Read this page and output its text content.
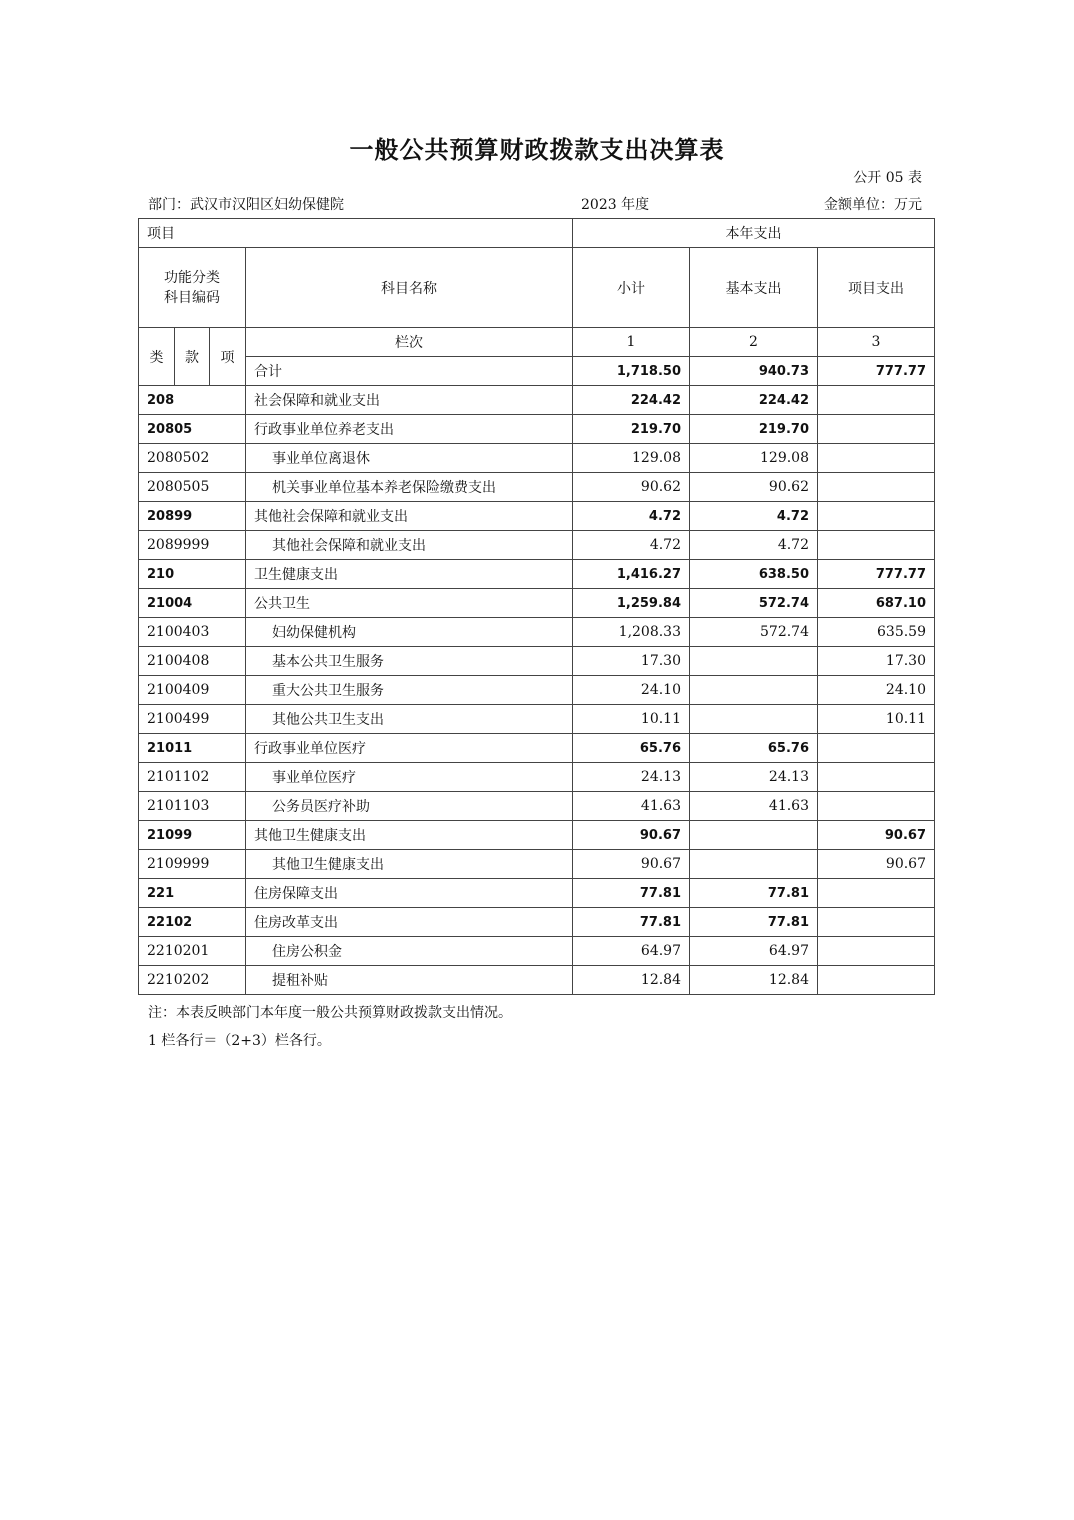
一般公共预算财政拨款支出决算表
公开 05 表
部门：武汉市汉阳区妇幼保健院	2023 年度	金额单位：万元
项目				本年支出		

功能分类
科目编码			科目名称	小计	基本支出	项目支出
类	款	项	栏次	1	2	3
			合计	1,718.50	940.73	777.77
208			社会保障和就业支出	224.42	224.42	
20805			行政事业单位养老支出	219.70	219.70	
2080502			事业单位离退休	129.08	129.08	
2080505			机关事业单位基本养老保险缴费支出	90.62	90.62	
20899			其他社会保障和就业支出	4.72	4.72	
2089999			其他社会保障和就业支出	4.72	4.72	
210			卫生健康支出	1,416.27	638.50	777.77
21004			公共卫生	1,259.84	572.74	687.10
2100403			妇幼保健机构	1,208.33	572.74	635.59
2100408			基本公共卫生服务	17.30		17.30
2100409			重大公共卫生服务	24.10		24.10
2100499			其他公共卫生支出	10.11		10.11
21011			行政事业单位医疗	65.76	65.76	
2101102			事业单位医疗	24.13	24.13	
2101103			公务员医疗补助	41.63	41.63	
21099			其他卫生健康支出	90.67		90.67
2109999			其他卫生健康支出	90.67		90.67
221			住房保障支出	77.81	77.81	
22102			住房改革支出	77.81	77.81	
2210201			住房公积金	64.97	64.97	
2210202			提租补贴	12.84	12.84	
注：本表反映部门本年度一般公共预算财政拨款支出情况。
1 栏各行＝（2+3）栏各行。
